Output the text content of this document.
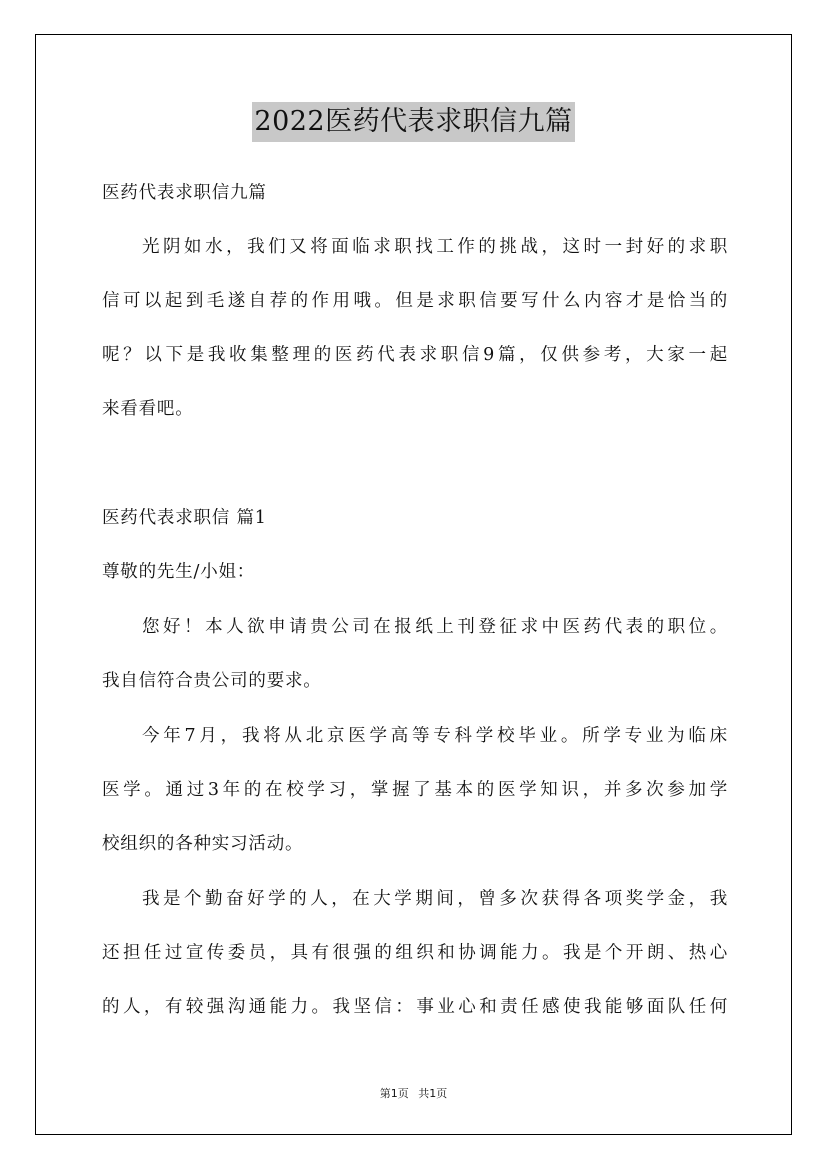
2022医药代表求职信九篇
医药代表求职信九篇
光阴如水，我们又将面临求职找工作的挑战，这时一封好的求职
信可以起到毛遂自荐的作用哦。但是求职信要写什么内容才是恰当的
呢？以下是我收集整理的医药代表求职信9篇，仅供参考，大家一起
来看看吧。
医药代表求职信 篇1
尊敬的先生/小姐：
您好！本人欲申请贵公司在报纸上刊登征求中医药代表的职位。
我自信符合贵公司的要求。
今年7月，我将从北京医学高等专科学校毕业。所学专业为临床
医学。通过3年的在校学习，掌握了基本的医学知识，并多次参加学
校组织的各种实习活动。
我是个勤奋好学的人，在大学期间，曾多次获得各项奖学金，我
还担任过宣传委员，具有很强的组织和协调能力。我是个开朗、热心
的人，有较强沟通能力。我坚信：事业心和责任感使我能够面队任何
第1页 共1页
